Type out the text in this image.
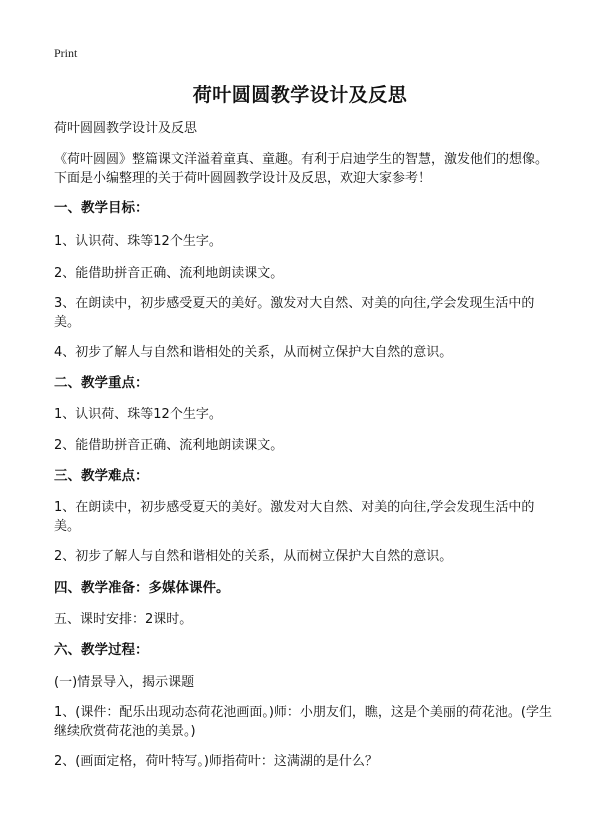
Print
荷叶圆圆教学设计及反思
荷叶圆圆教学设计及反思
《荷叶圆圆》整篇课文洋溢着童真、童趣。有利于启迪学生的智慧，激发他们的想像。下面是小编整理的关于荷叶圆圆教学设计及反思，欢迎大家参考！
一、教学目标：
1、认识荷、珠等12个生字。
2、能借助拼音正确、流利地朗读课文。
3、在朗读中，初步感受夏天的美好。激发对大自然、对美的向往,学会发现生活中的美。
4、初步了解人与自然和谐相处的关系，从而树立保护大自然的意识。
二、教学重点：
1、认识荷、珠等12个生字。
2、能借助拼音正确、流利地朗读课文。
三、教学难点：
1、在朗读中，初步感受夏天的美好。激发对大自然、对美的向往,学会发现生活中的美。
2、初步了解人与自然和谐相处的关系，从而树立保护大自然的意识。
四、教学准备：多媒体课件。
五、课时安排：2课时。
六、教学过程：
(一)情景导入，揭示课题
1、(课件：配乐出现动态荷花池画面。)师：小朋友们，瞧，这是个美丽的荷花池。(学生继续欣赏荷花池的美景。)
2、(画面定格，荷叶特写。)师指荷叶：这满湖的是什么？
